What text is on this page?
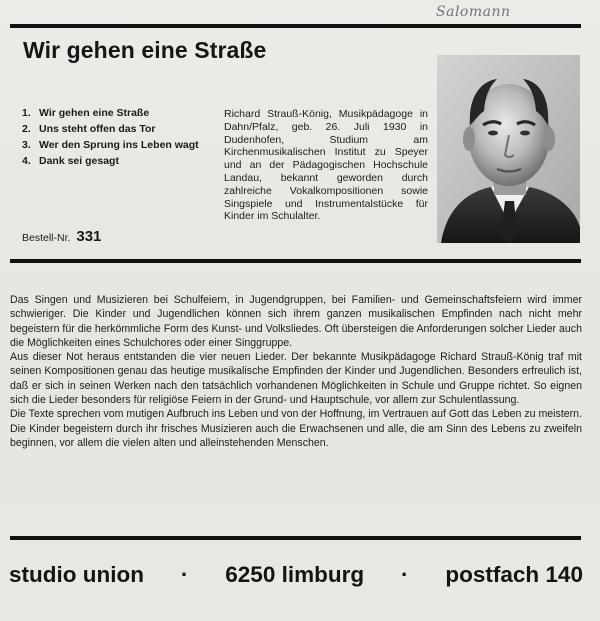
Salomann
Wir gehen eine Straße
1. Wir gehen eine Straße
2. Uns steht offen das Tor
3. Wer den Sprung ins Leben wagt
4. Dank sei gesagt
Bestell-Nr. 331
Richard Strauß-König, Musikpädagoge in Dahn/Pfalz, geb. 26. Juli 1930 in Dudenhofen, Studium am Kirchenmusikalischen Institut zu Speyer und an der Pädagogischen Hochschule Landau, bekannt geworden durch zahlreiche Vokalkompositionen sowie Singspiele und Instrumentalstücke für Kinder im Schulalter.
Das Singen und Musizieren bei Schulfeiern, in Jugendgruppen, bei Familien- und Gemeinschaftsfeiern wird immer schwieriger. Die Kinder und Jugendlichen können sich ihrem ganzen musikalischen Empfinden nach nicht mehr begeistern für die herkömmliche Form des Kunst- und Volksliedes. Oft übersteigen die Anforderungen solcher Lieder auch die Möglichkeiten eines Schulchores oder einer Singgruppe.
Aus dieser Not heraus entstanden die vier neuen Lieder. Der bekannte Musikpädagoge Richard Strauß-König traf mit seinen Kompositionen genau das heutige musikalische Empfinden der Kinder und Jugendlichen. Besonders erfreulich ist, daß er sich in seinen Werken nach den tatsächlich vorhandenen Möglichkeiten in Schule und Gruppe richtet. So eignen sich die Lieder besonders für religiöse Feiern in der Grund- und Hauptschule, vor allem zur Schulentlassung.
Die Texte sprechen vom mutigen Aufbruch ins Leben und von der Hoffnung, im Vertrauen auf Gott das Leben zu meistern. Die Kinder begeistern durch ihr frisches Musizieren auch die Erwachsenen und alle, die am Sinn des Lebens zu zweifeln beginnen, vor allem die vielen alten und alleinstehenden Menschen.
studio union · 6250 limburg · postfach 140
